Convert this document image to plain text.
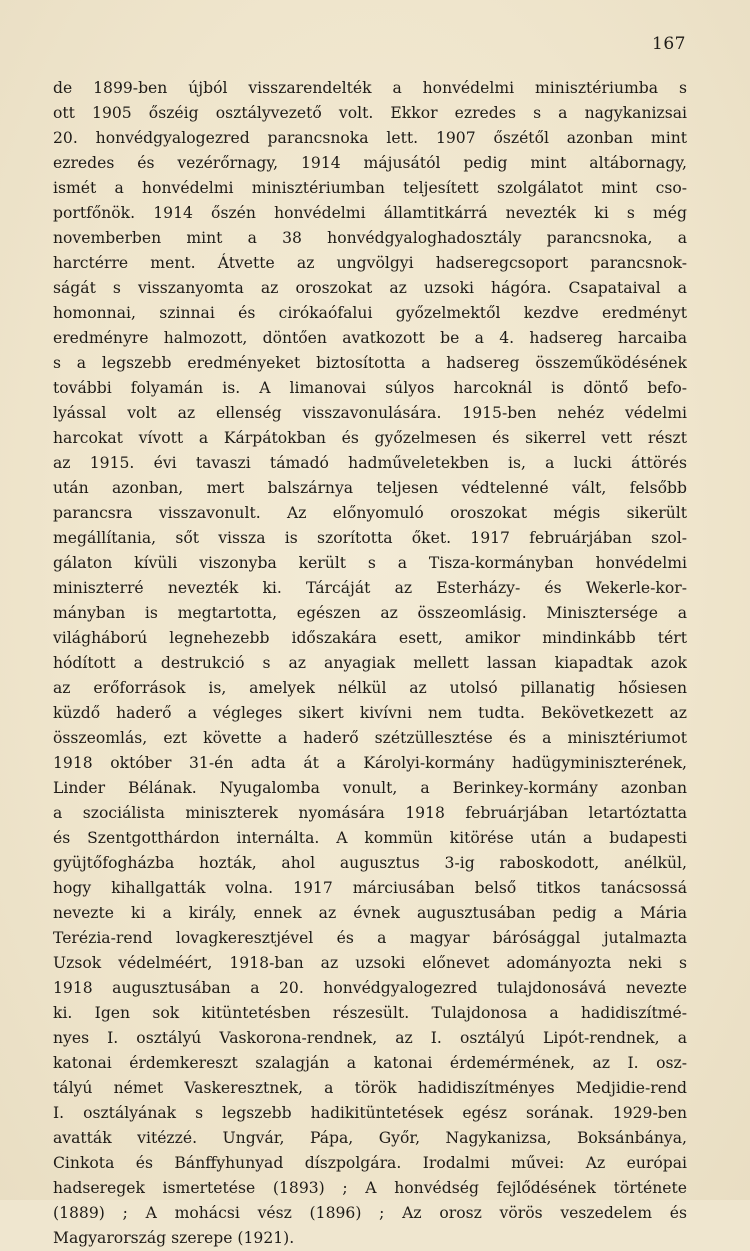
167
de 1899-ben újból visszarendelték a honvédelmi minisztériumba s
ott 1905 őszéig osztályvezető volt. Ekkor ezredes s a nagykanizsai
20. honvédgyalogezred parancsnoka lett. 1907 őszétől azonban mint
ezredes és vezérőrnagy, 1914 májusától pedig mint altábornagy,
ismét a honvédelmi minisztériumban teljesített szolgálatot mint cso-
portfőnök. 1914 őszén honvédelmi államtitkárrá nevezték ki s még
novemberben mint a 38 honvédgyaloghadosztály parancsnoka, a
harctérre ment. Átvette az ungvölgyi hadseregcsoport parancsnok-
ságát s visszanyomta az oroszokat az uzsoki hágóra. Csapataival a
homonnai, szinnai és cirókaófalui győzelmektől kezdve eredményt
eredményre halmozott, döntően avatkozott be a 4. hadsereg harcaiba
s a legszebb eredményeket biztosította a hadsereg összeműködésének
további folyamán is. A limanovai súlyos harcoknál is döntő befo-
lyással volt az ellenség visszavonulására. 1915-ben nehéz védelmi
harcokat vívott a Kárpátokban és győzelmesen és sikerrel vett részt
az 1915. évi tavaszi támadó hadműveletekben is, a lucki áttörés
után azonban, mert balszárnya teljesen védtelenné vált, felsőbb
parancsra visszavonult. Az előnyomuló oroszokat mégis sikerült
megállítania, sőt vissza is szorította őket. 1917 februárjában szol-
gálaton kívüli viszonyba került s a Tisza-kormányban honvédelmi
miniszterré nevezték ki. Tárcáját az Esterházy- és Wekerle-kor-
mányban is megtartotta, egészen az összeomlásig. Minisztersége a
világháború legnehezebb időszakára esett, amikor mindinkább tért
hódított a destrukció s az anyagiak mellett lassan kiapadtak azok
az erőforrások is, amelyek nélkül az utolsó pillanatig hősiesen
küzdő haderő a végleges sikert kivívni nem tudta. Bekövetkezett az
összeomlás, ezt követte a haderő szétzüllesztése és a minisztériumot
1918 október 31-én adta át a Károlyi-kormány hadügyminiszterének,
Linder Bélának. Nyugalomba vonult, a Berinkey-kormány azonban
a szociálista miniszterek nyomására 1918 februárjában letartóztatta
és Szentgotthárdon internálta. A kommün kitörése után a budapesti
gyüjtőfogházba hozták, ahol augusztus 3-ig raboskodott, anélkül,
hogy kihallgatták volna. 1917 márciusában belső titkos tanácsossá
nevezte ki a király, ennek az évnek augusztusában pedig a Mária
Terézia-rend lovagkeresztjével és a magyar bárósággal jutalmazta
Uzsok védelméért, 1918-ban az uzsoki előnevet adományozta neki s
1918 augusztusában a 20. honvédgyalogezred tulajdonosává nevezte
ki. Igen sok kitüntetésben részesült. Tulajdonosa a hadidiszítmé-
nyes I. osztályú Vaskorona-rendnek, az I. osztályú Lipót-rendnek, a
katonai érdemkereszt szalagján a katonai érdemérmének, az I. osz-
tályú német Vaskeresztnek, a török hadidiszítményes Medjidie-rend
I. osztályának s legszebb hadikitüntetések egész sorának. 1929-ben
avatták vitézzé. Ungvár, Pápa, Győr, Nagykanizsa, Boksánbánya,
Cinkota és Bánffyhunyad díszpolgára. Irodalmi művei: Az európai
hadseregek ismertetése (1893) ; A honvédség fejlődésének története
(1889) ; A mohácsi vész (1896) ; Az orosz vörös veszedelem és
Magyarország szerepe (1921).
